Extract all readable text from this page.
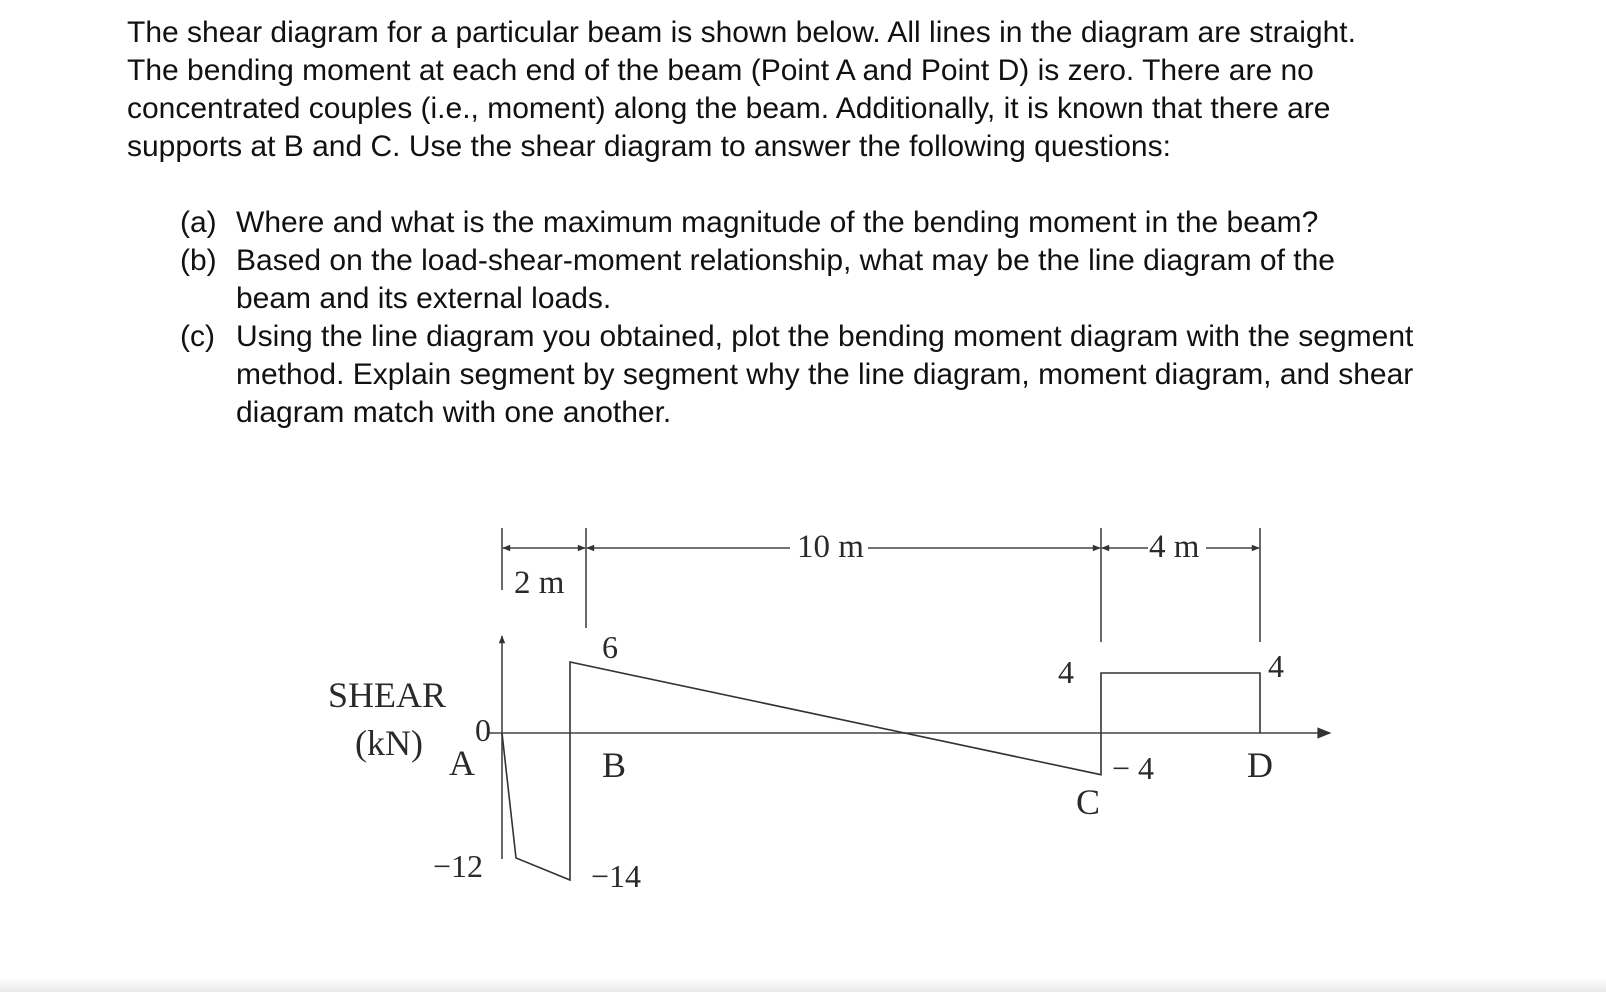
The shear diagram for a particular beam is shown below. All lines in the diagram are straight.
The bending moment at each end of the beam (Point A and Point D) is zero. There are no
concentrated couples (i.e., moment) along the beam. Additionally, it is known that there are
supports at B and C. Use the shear diagram to answer the following questions:
(a) Where and what is the maximum magnitude of the bending moment in the beam?
(b) Based on the load-shear-moment relationship, what may be the line diagram of the
beam and its external loads.
(c) Using the line diagram you obtained, plot the bending moment diagram with the segment
method. Explain segment by segment why the line diagram, moment diagram, and shear
diagram match with one another.
SHEAR
(kN) 0
A	B
C
D
2 m
10 m	4 m
−12	−14
6
4
− 4
4
